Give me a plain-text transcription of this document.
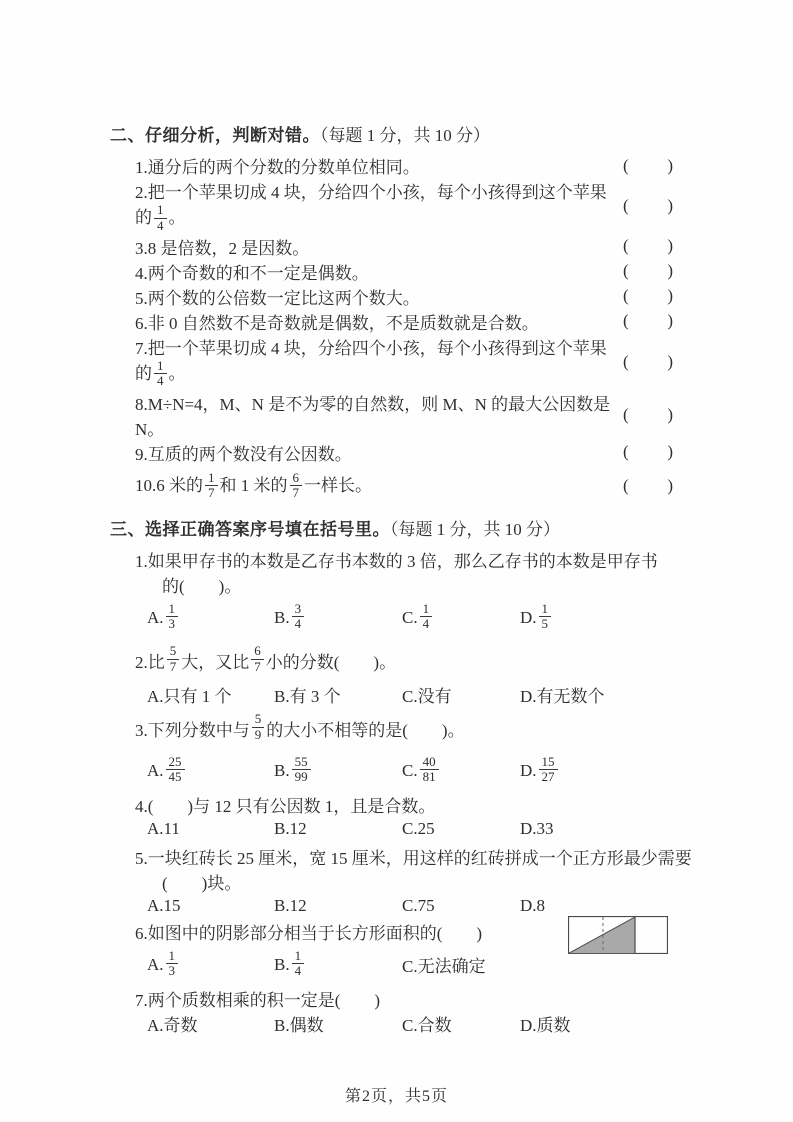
二、仔细分析，判断对错。（每题 1 分，共 10 分）
1.通分后的两个分数的分数单位相同。	( )
2.把一个苹果切成 4 块，分给四个小孩，每个小孩得到这个苹果的 $\frac{1}{4}$ 。
( )
3.8 是倍数，2 是因数。	( )
4.两个奇数的和不一定是偶数。	( )
5.两个数的公倍数一定比这两个数大。	( )
6.非 0 自然数不是奇数就是偶数，不是质数就是合数。	( )
7.把一个苹果切成 4 块，分给四个小孩，每个小孩得到这个苹果的 $\frac{1}{4}$ 。
( )
8.M÷N=4，M、N 是不为零的自然数，则 M、N 的最大公因数是 N。
( )
9.互质的两个数没有公因数。	( )
10.6 米的 $\frac{1}{7}$ 和 1 米的 $\frac{6}{7}$ 一样长。	( )
三、选择正确答案序号填在括号里。（每题 1 分，共 10 分）
1.如果甲存书的本数是乙存书本数的 3 倍，那么乙存书的本数是甲存书
的(　　)。
A. $\frac{1}{3}$	B. $\frac{3}{4}$	C. $\frac{1}{4}$	D. $\frac{1}{5}$
2.比 $\frac{5}{7}$ 大，又比 $\frac{6}{7}$ 小的分数(　　)。
A.只有 1 个	B.有 3 个	C.没有	D.有无数个
3.下列分数中与 $\frac{5}{9}$ 的大小不相等的是(　　)。
A. $\frac{25}{45}$	B. $\frac{55}{99}$	C. $\frac{40}{81}$	D. $\frac{15}{27}$
4.(　　)与 12 只有公因数 1，且是合数。
A.11	B.12	C.25	D.33
5.一块红砖长 25 厘米，宽 15 厘米，用这样的红砖拼成一个正方形最少需要
(　　)块。
A.15	B.12	C.75	D.8
6.如图中的阴影部分相当于长方形面积的(　　)
A. $\frac{1}{3}$	B. $\frac{1}{4}$	C.无法确定
7.两个质数相乘的积一定是(　　)
A.奇数	B.偶数	C.合数	D.质数
第2页，共5页
